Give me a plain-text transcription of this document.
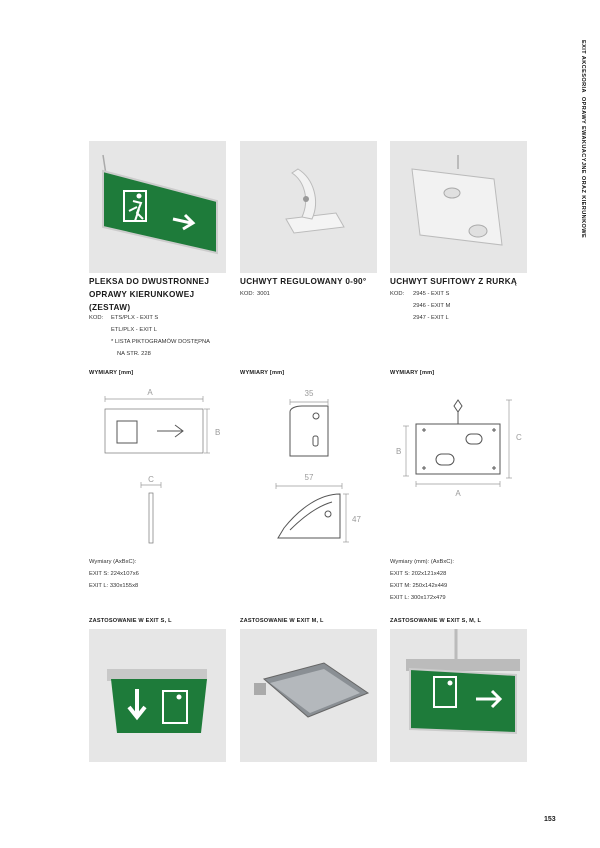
EXIT AKCESORIA  OPRAWY EWAKUACYJNE ORAZ KIERUNKOWE
PLEKSA DO DWUSTRONNEJ
OPRAWY KIERUNKOWEJ
(ZESTAW)
KOD: ETS/PLX - EXIT S
ETL/PLX - EXIT L
* LISTA PIKTOGRAMÓW DOSTĘPNA
NA STR. 228
WYMIARY [mm]
A
B
C
Wymiary (AxBxC):
EXIT S: 224x107x6
EXIT L: 330x155x8
ZASTOSOWANIE W EXIT S, L
UCHWYT REGULOWANY 0-90°
KOD: 3001
WYMIARY [mm]
35
57
47
ZASTOSOWANIE W EXIT M, L
UCHWYT SUFITOWY Z RURKĄ
KOD: 2945 - EXIT S
2946 - EXIT M
2947 - EXIT L
WYMIARY [mm]
C
B
A
Wymiary (mm): (AxBxC):
EXIT S: 202x121x428
EXIT M: 250x142x449
EXIT L: 300x172x479
ZASTOSOWANIE W EXIT S, M, L
153
